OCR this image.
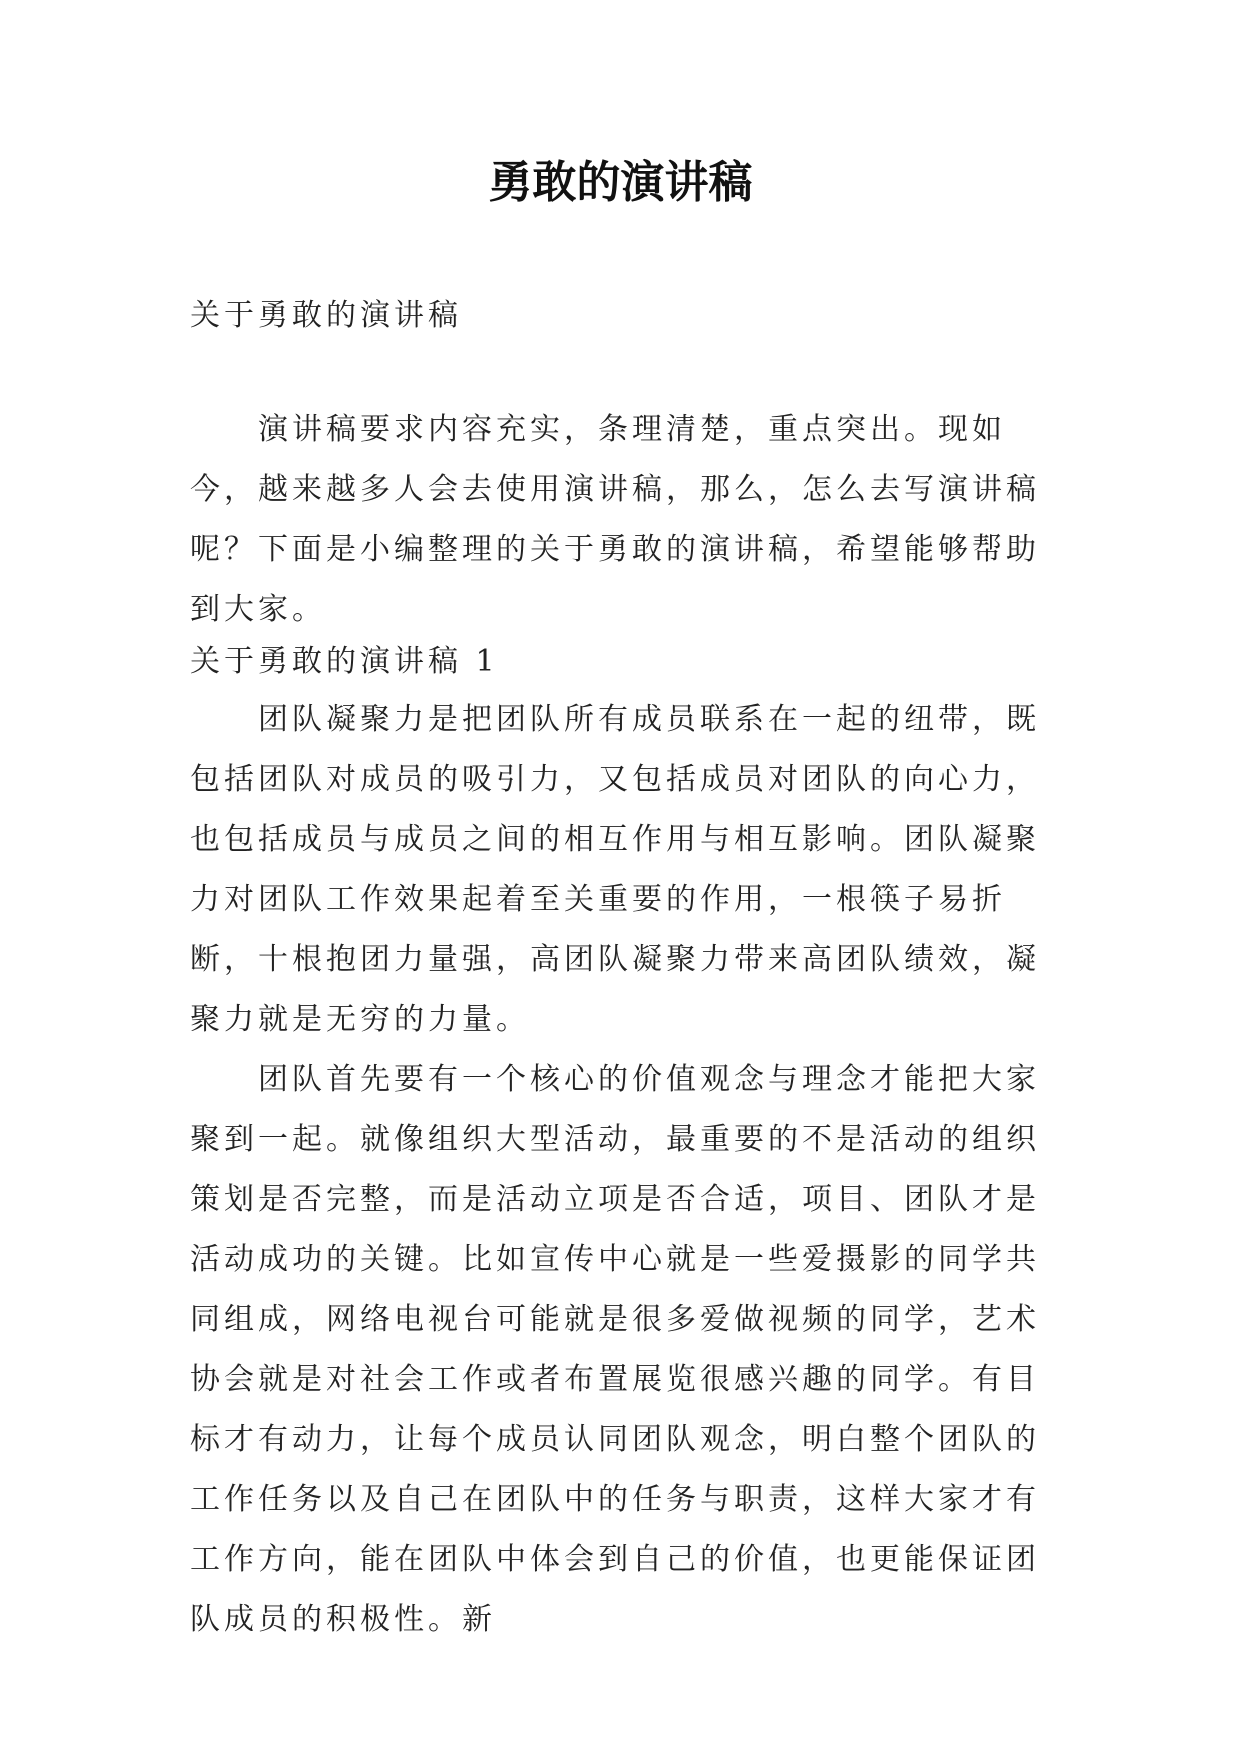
勇敢的演讲稿

关于勇敢的演讲稿

演讲稿要求内容充实，条理清楚，重点突出。现如今，越来越多人会去使用演讲稿，那么，怎么去写演讲稿呢？下面是小编整理的关于勇敢的演讲稿，希望能够帮助到大家。

关于勇敢的演讲稿 1

团队凝聚力是把团队所有成员联系在一起的纽带，既包括团队对成员的吸引力，又包括成员对团队的向心力，也包括成员与成员之间的相互作用与相互影响。团队凝聚力对团队工作效果起着至关重要的作用，一根筷子易折断，十根抱团力量强，高团队凝聚力带来高团队绩效，凝聚力就是无穷的力量。

团队首先要有一个核心的价值观念与理念才能把大家聚到一起。就像组织大型活动，最重要的不是活动的组织策划是否完整，而是活动立项是否合适，项目、团队才是活动成功的关键。比如宣传中心就是一些爱摄影的同学共同组成，网络电视台可能就是很多爱做视频的同学，艺术协会就是对社会工作或者布置展览很感兴趣的同学。有目标才有动力，让每个成员认同团队观念，明白整个团队的工作任务以及自己在团队中的任务与职责，这样大家才有工作方向，能在团队中体会到自己的价值，也更能保证团队成员的积极性。新
